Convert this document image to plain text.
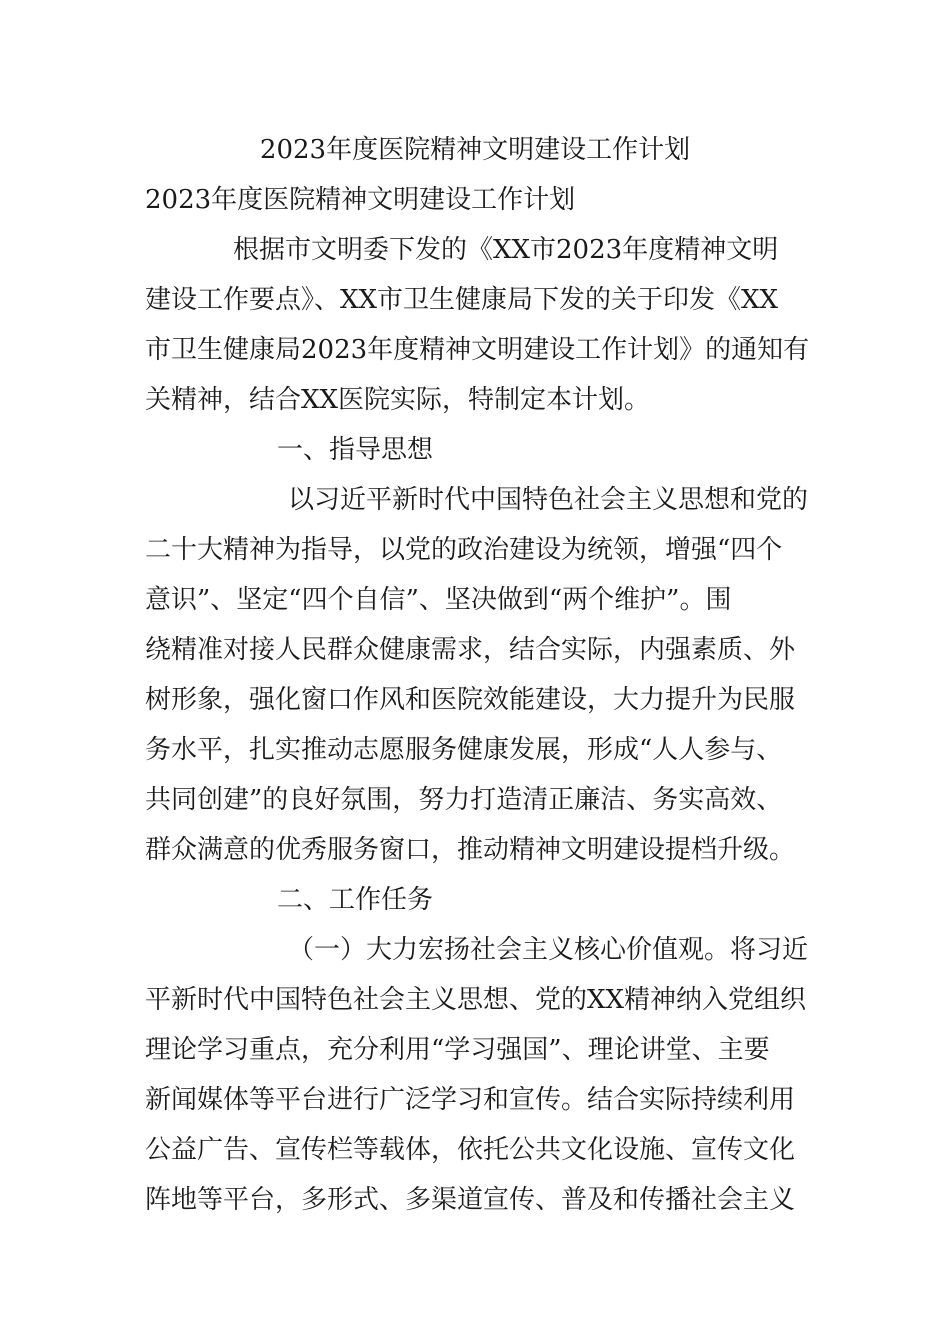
2023年度医院精神文明建设工作计划
2023年度医院精神文明建设工作计划
根据市文明委下发的《XX市2023年度精神文明
建设工作要点》、XX市卫生健康局下发的关于印发《XX
市卫生健康局2023年度精神文明建设工作计划》的通知有
关精神，结合XX医院实际，特制定本计划。
一、指导思想
以习近平新时代中国特色社会主义思想和党的
二十大精神为指导，以党的政治建设为统领，增强“四个
意识”、坚定“四个自信”、坚决做到“两个维护”。围
绕精准对接人民群众健康需求，结合实际，内强素质、外
树形象，强化窗口作风和医院效能建设，大力提升为民服
务水平，扎实推动志愿服务健康发展，形成“人人参与、
共同创建”的良好氛围，努力打造清正廉洁、务实高效、
群众满意的优秀服务窗口，推动精神文明建设提档升级。
二、工作任务
（一）大力宏扬社会主义核心价值观。将习近
平新时代中国特色社会主义思想、党的XX精神纳入党组织
理论学习重点，充分利用“学习强国”、理论讲堂、主要
新闻媒体等平台进行广泛学习和宣传。结合实际持续利用
公益广告、宣传栏等载体，依托公共文化设施、宣传文化
阵地等平台，多形式、多渠道宣传、普及和传播社会主义
